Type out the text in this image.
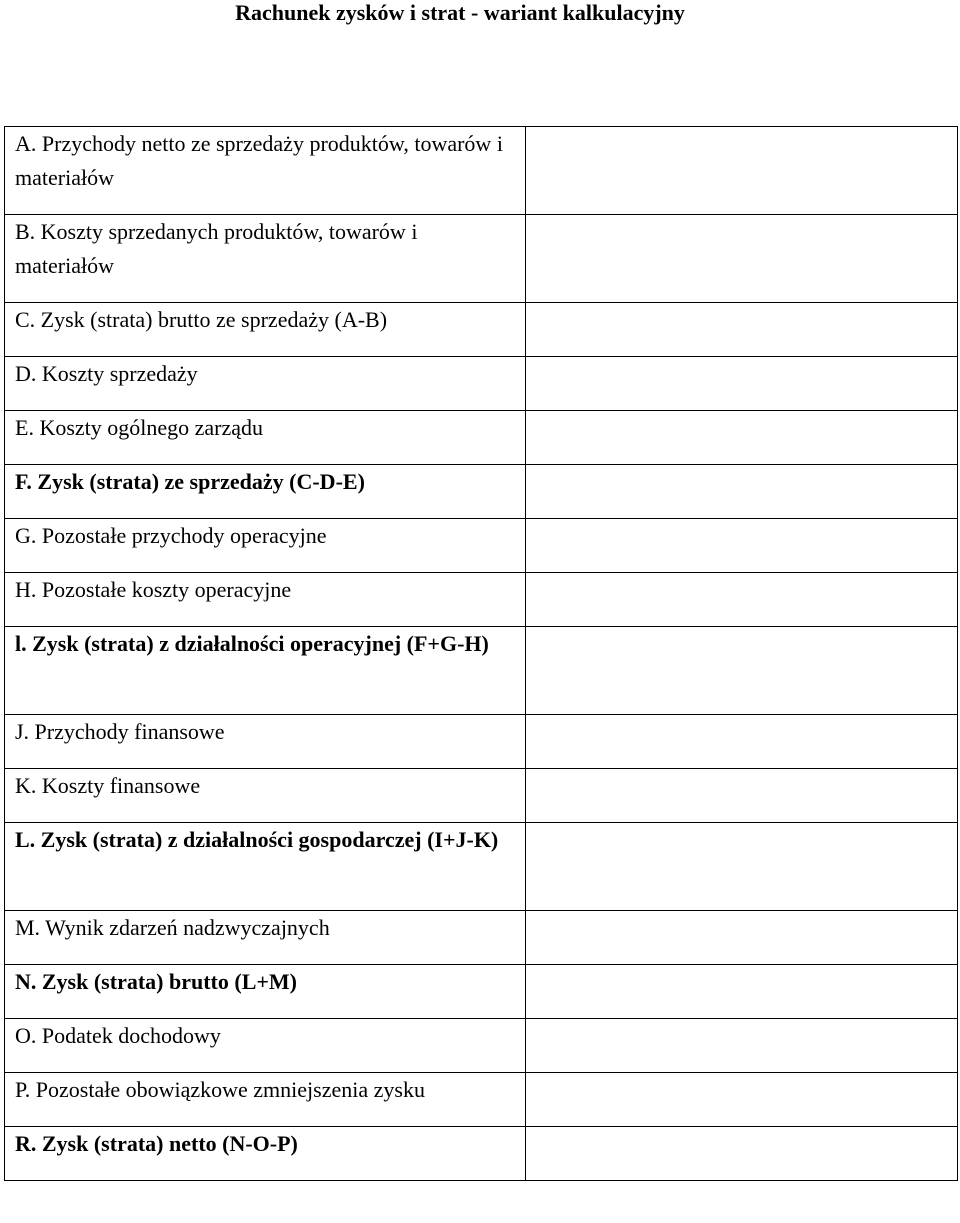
Rachunek zysków i strat - wariant kalkulacyjny
A. Przychody netto ze sprzedaży produktów, towarów i materiałów	

B. Koszty sprzedanych produktów, towarów i materiałów	

C. Zysk (strata) brutto ze sprzedaży (A-B)	

D. Koszty sprzedaży	

E. Koszty ogólnego zarządu	

F. Zysk (strata) ze sprzedaży (C-D-E)	

G. Pozostałe przychody operacyjne	

H. Pozostałe koszty operacyjne	

l. Zysk (strata) z działalności operacyjnej (F+G-H)	

J. Przychody finansowe	

K. Koszty finansowe	

L. Zysk (strata) z działalności gospodarczej (I+J-K)	

M. Wynik zdarzeń nadzwyczajnych	

N. Zysk (strata) brutto (L+M)	

O. Podatek dochodowy	

P. Pozostałe obowiązkowe zmniejszenia zysku	

R. Zysk (strata) netto (N-O-P)	
